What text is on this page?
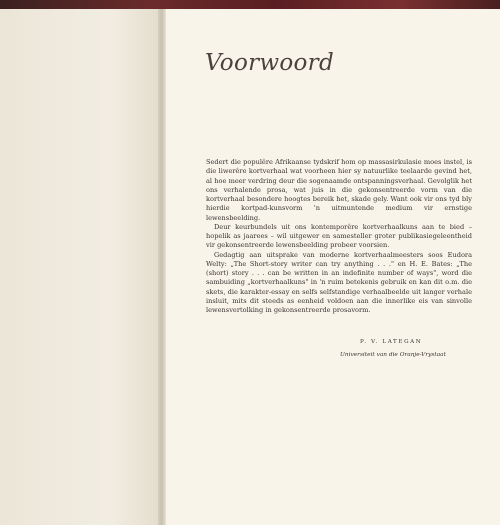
Voorwoord

Sedert die populêre Afrikaanse tydskrif hom op massasirkulasie moes instel, is die liwerêre kortverhaal wat voorheen hier sy natuurlike teelaarde gevind het, al hoe meer verdring deur die sogenaamde ontspanningsverhaal. Gevolglik het ons verhalende prosa, wat juis in die gekonsentreerde vorm van die kortverhaal besondere hoogtes bereik het, skade gely. Want ook vir ons tyd bly hierdie kortpad-kunsvorm 'n uitmuntende medium vir ernstige lewensbeelding.

Deur keurbundels uit ons kontemporêre kortverhaalkuns aan te bied – hopelik as jaarees – wil uitgewer en samesteller groter publikasiegeleentheid vir gekonsentreerde lewensbeelding probeer voorsien.

Gedagtig aan uitsprake van moderne kortverhaalmeesters soos Eudora Welty: „The Short-story writer can try anything . . ." en H. E. Bates: „The (short) story . . . can be written in an indefinite number of ways", word die sambuiding „kortverhaalkuns" in 'n ruim betekenis gebruik en kan dit o.m. die skets, die karakter-essay en selfs selfstandige verhaalbeelde uit langer verhale insluit, mits dit steeds as eenheid voldoen aan die innerlike eis van sinvolle lewensvertolking in gekonsentreerde prosavorm.

P. V. LATEGAN

Universiteit van die Oranje-Vrystaat
